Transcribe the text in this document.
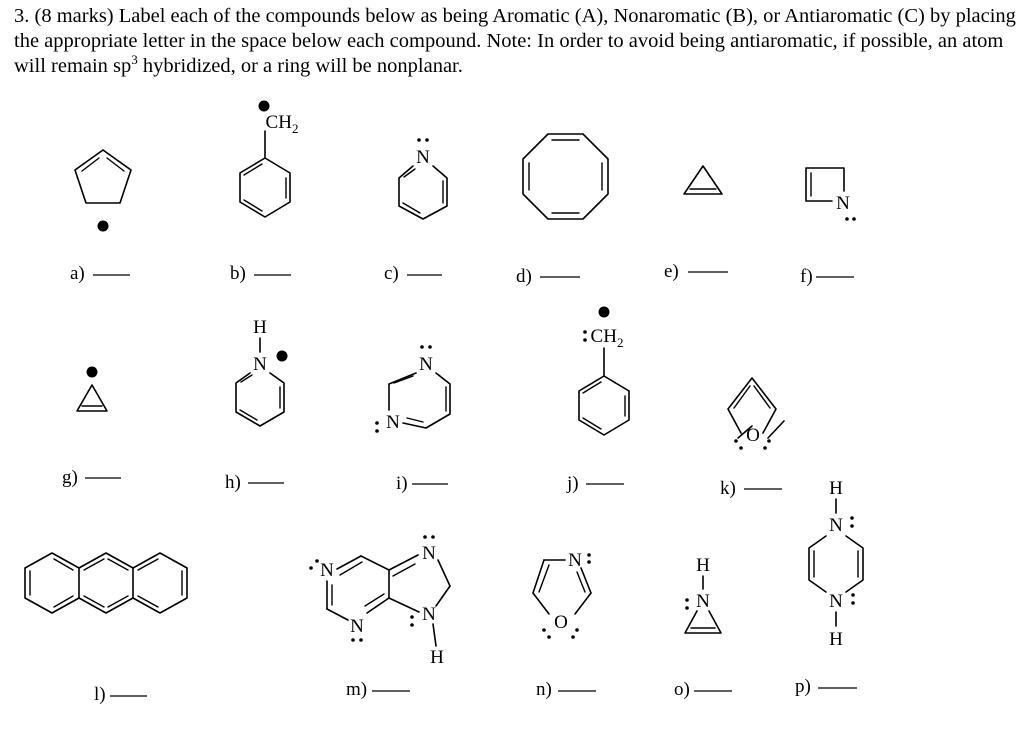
3. (8 marks) Label each of the compounds below as being Aromatic (A), Nonaromatic (B), or Antiaromatic (C) by placing the appropriate letter in the space below each compound. Note: In order to avoid being antiaromatic, if possible, an atom will remain $sp^3$ hybridized, or a ring will be nonplanar.

$CH_2$
N
N
H
N	N
N
$CH_2$
O
N
N
N
N
H
N
O
H
N
H
N
N
H
a)	b)	c)	d)	e)	f)
g)	h)	i)	j)	k)
l)	m)	n)	o)	p)
